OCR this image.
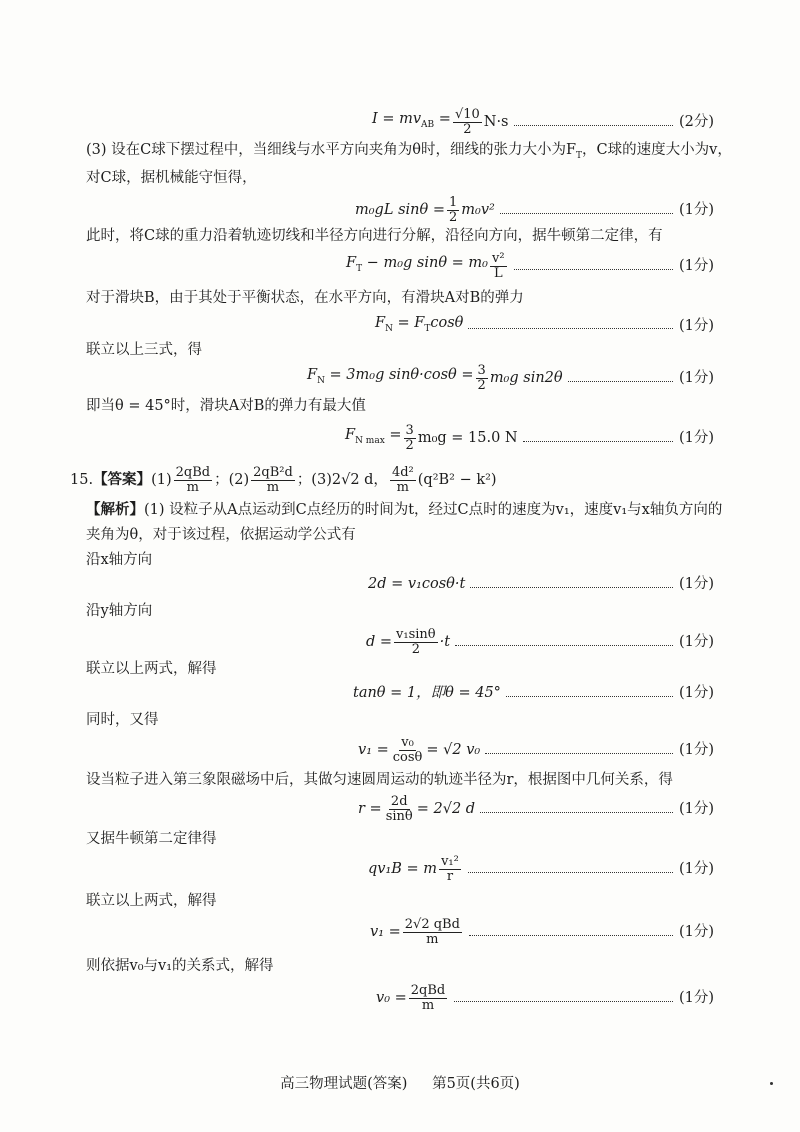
$I = mv_{AB} = \frac{√10}{2} N\cdot s$	(2分)
(3) 设在C球下摆过程中，当细线与水平方向夹角为θ时，细线的张力大小为$F_T$，C球的速度大小为v，
对C球，据机械能守恒得，
m₀gL $\sin\theta = \frac{1}{2} m_0v^2$	(1分)
此时，将C球的重力沿着轨迹切线和半径方向进行分解，沿径向方向，据牛顿第二定律，有
$F_T - m_0g$ $\sin\theta = m_0 \frac{\text{v²}}{L}$	(1分)
对于滑块B，由于其处于平衡状态，在水平方向，有滑块A对B的弹力
$F_N = F_T\cos\theta$	(1分)
联立以上三式，得
$F_N = 3m_0g$ $\sin\theta\cdot\cos\theta = \frac{3}{2} m_0g$ sin2θ	(1分)
即当θ = 45°时，滑块A对B的弹力有最大值
$F_{N max} = \frac{3}{2} m_0g = 15.0$ N	(1分)
15. 【答案】 $(1) \frac{\text{2qBd}}{m}$ ；$(2) \frac{\text{2qB²d}}{m}$ ；(3)2√2 d， $\frac{\text{4d²}}{m} (q^2B^2 - k^2)$
【解析】(1) 设粒子从A点运动到C点经历的时间为t，经过C点时的速度为v₁，速度v₁与x轴负方向的
夹角为θ，对于该过程，依据运动学公式有
沿x轴方向
2d = v₁cosθ·t	(1分)
沿y轴方向
$d = \frac{\text{v₁sinθ}}{2} \cdot t$	(1分)
联立以上两式，解得
tanθ = 1，即θ = 45°	(1分)
同时，又得
$v_1 = \frac{\text{v₀}}{\cos\theta} = √2$ v₀	(1分)
设当粒子进入第三象限磁场中后，其做匀速圆周运动的轨迹半径为r，根据图中几何关系，得
$r = \frac{2d}{\sin\theta} = 2√2$ d	(1分)
又据牛顿第二定律得
qv₁B = m $\frac{\text{v₁²}}{r}$	(1分)
联立以上两式，解得
$v_1 = \frac{\text{2√2 qBd}}{m}$	(1分)
则依据v₀与v₁的关系式，解得
$v_0 = \frac{\text{2qBd}}{m}$	(1分)
高三物理试题(答案) 第5页(共6页)
